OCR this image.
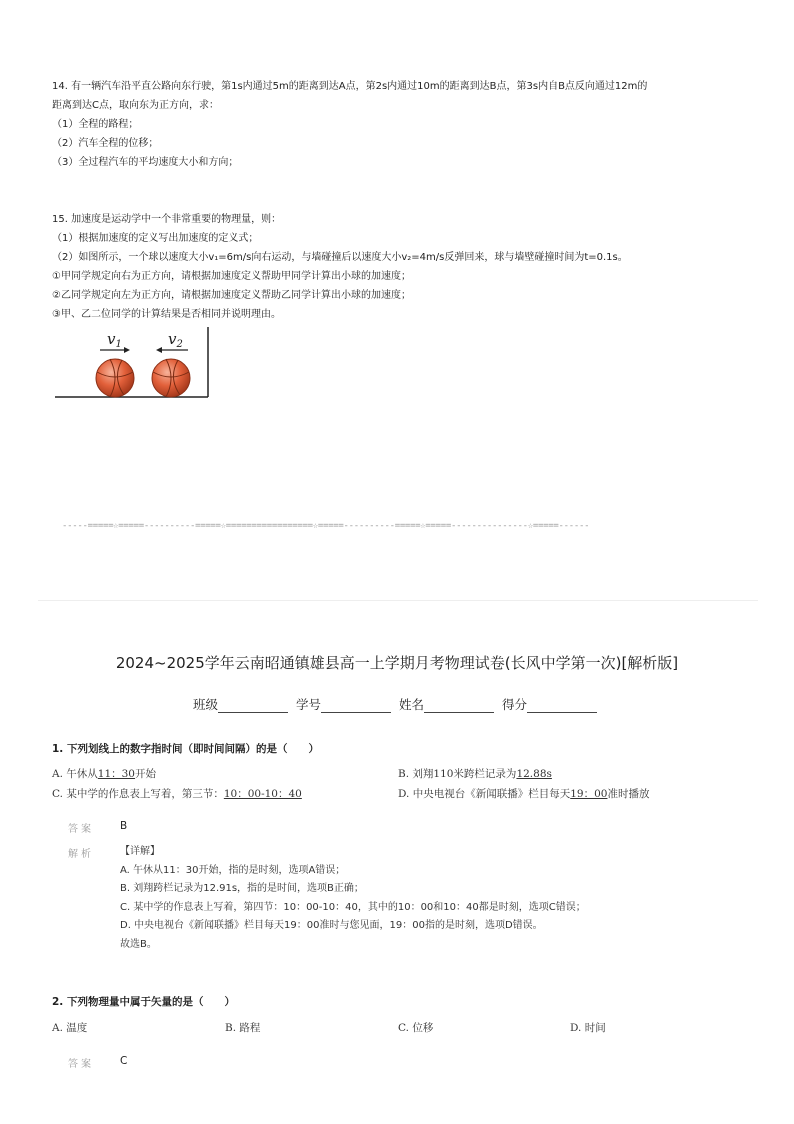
14. 有一辆汽车沿平直公路向东行驶，第1s内通过5m的距离到达A点，第2s内通过10m的距离到达B点，第3s内自B点反向通过12m的
距离到达C点，取向东为正方向，求：
（1）全程的路程；
（2）汽车全程的位移；
（3）全过程汽车的平均速度大小和方向；
15. 加速度是运动学中一个非常重要的物理量，则：
（1）根据加速度的定义写出加速度的定义式；
（2）如图所示，一个球以速度大小v₁=6m/s向右运动，与墙碰撞后以速度大小v₂=4m/s反弹回来，球与墙壁碰撞时间为t=0.1s。
①甲同学规定向右为正方向，请根据加速度定义帮助甲同学计算出小球的加速度；
②乙同学规定向左为正方向，请根据加速度定义帮助乙同学计算出小球的加速度；
③甲、乙二位同学的计算结果是否相同并说明理由。
$v_1$	$v_2$
-----=====☆=====----------=====☆=================☆=====----------=====☆=====---------------☆=====------
2024~2025学年云南昭通镇雄县高一上学期月考物理试卷(长风中学第一次)[解析版]
班级	学号	姓名	得分
1. 下列划线上的数字指时间（即时间间隔）的是（　　）
A. 午休从11：30开始	B. 刘翔110米跨栏记录为12.88s
C. 某中学的作息表上写着，第三节：10：00-10：40	D. 中央电视台《新闻联播》栏目每天19：00准时播放
答案 B
解析	【详解】
A. 午休从11：30开始，指的是时刻，选项A错误；
B. 刘翔跨栏记录为12.91s，指的是时间，选项B正确；
C. 某中学的作息表上写着，第四节：10：00-10：40，其中的10：00和10：40都是时刻，选项C错误；
D. 中央电视台《新闻联播》栏目每天19：00准时与您见面，19：00指的是时刻，选项D错误。
故选B。
2. 下列物理量中属于矢量的是（　　）
A. 温度	B. 路程	C. 位移	D. 时间
答案 C
